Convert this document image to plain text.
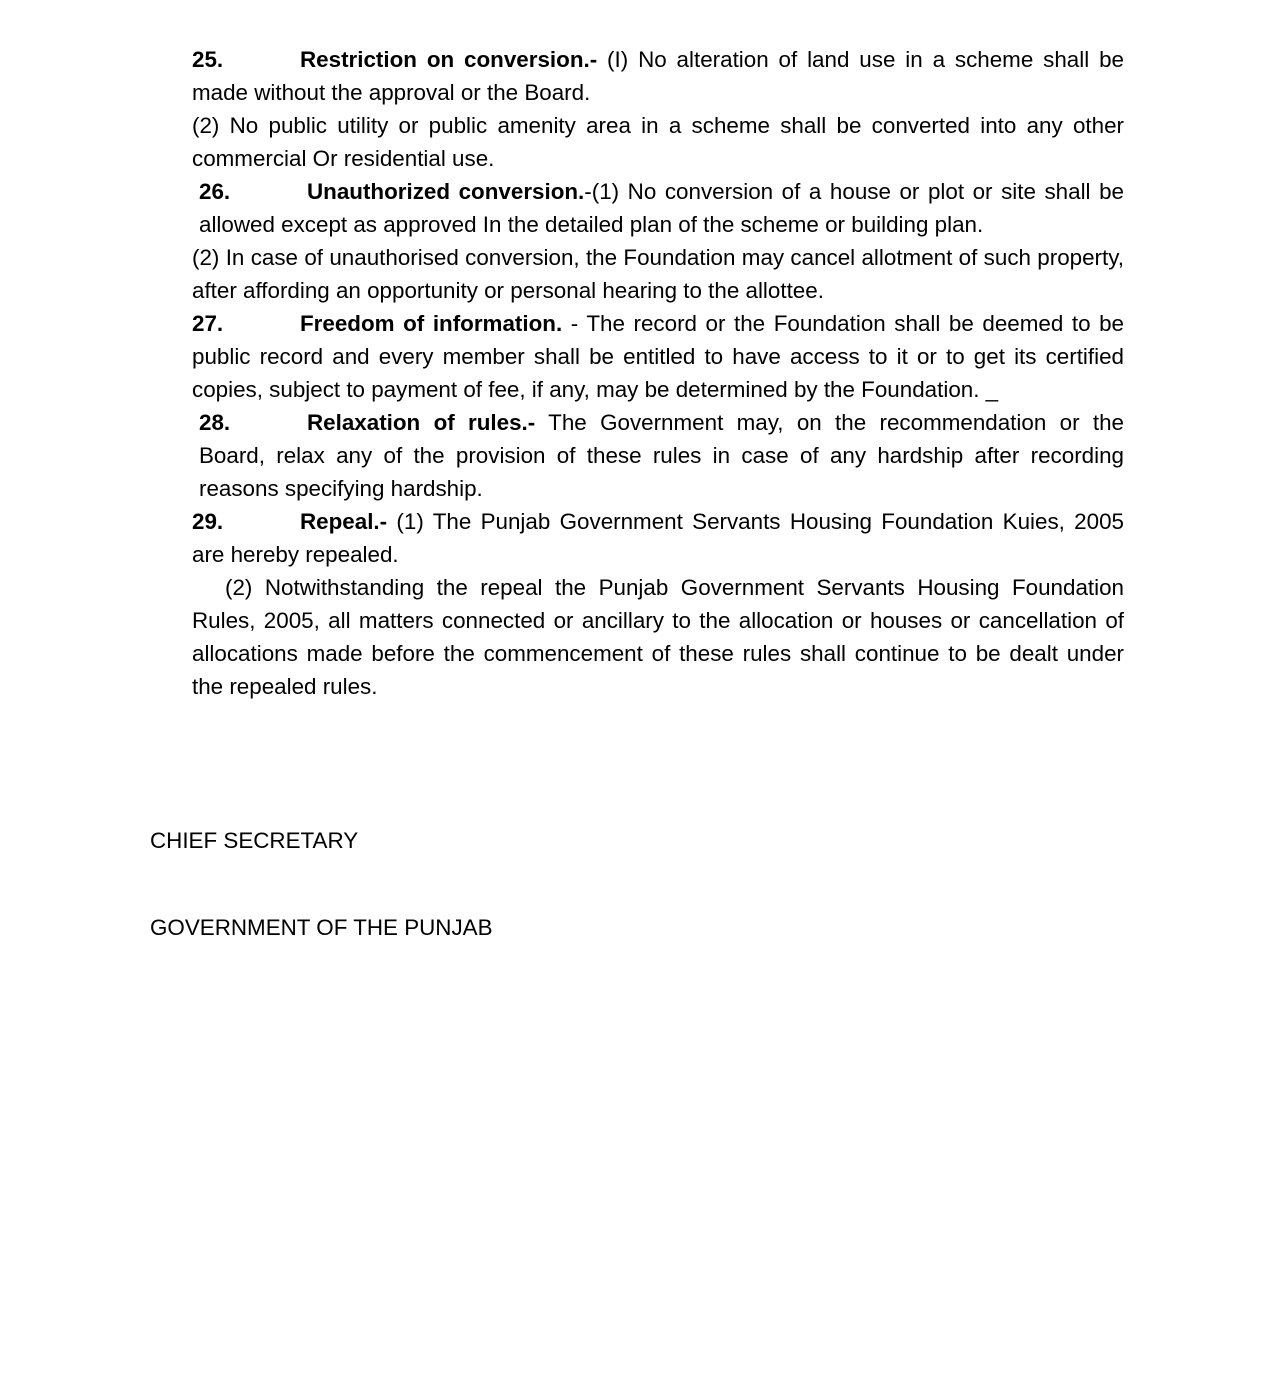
25.	Restriction on conversion.- (I) No alteration of land use in a scheme shall be made without the approval or the Board.

(2) No public utility or public amenity area in a scheme shall be converted into any other commercial Or residential use.

26.	Unauthorized conversion.-(1) No conversion of a house or plot or site shall be allowed except as approved In the detailed plan of the scheme or building plan.

(2) In case of unauthorised conversion, the Foundation may cancel allotment of such property, after affording an opportunity or personal hearing to the allottee.

27.	Freedom of information. - The record or the Foundation shall be deemed to be public record and every member shall be entitled to have access to it or to get its certified copies, subject to payment of fee, if any, may be determined by the Foundation. _

28.	Relaxation of rules.- The Government may, on the recommendation or the Board, relax any of the provision of these rules in case of any hardship after recording reasons specifying hardship.

29.	Repeal.- (1) The Punjab Government Servants Housing Foundation Kuies, 2005 are hereby repealed.

(2) Notwithstanding the repeal the Punjab Government Servants Housing Foundation Rules, 2005, all matters connected or ancillary to the allocation or houses or cancellation of allocations made before the commencement of these rules shall continue to be dealt under the repealed rules.

CHIEF SECRETARY
GOVERNMENT OF THE PUNJAB
